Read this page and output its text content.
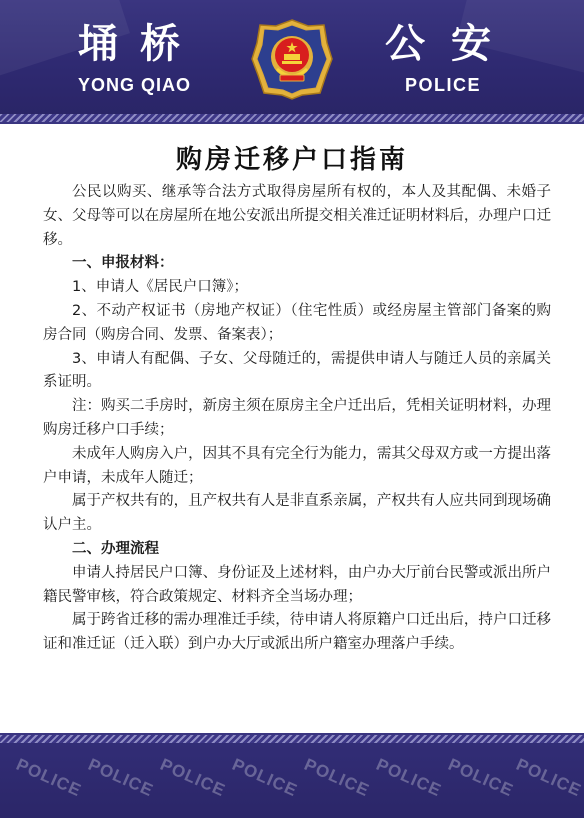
埇桥
YONG QIAO
公安
POLICE
购房迁移户口指南

公民以购买、继承等合法方式取得房屋所有权的，本人及其配偶、未婚子女、父母等可以在房屋所在地公安派出所提交相关准迁证明材料后，办理户口迁移。

一、申报材料：

1、申请人《居民户口簿》；

2、不动产权证书（房地产权证）（住宅性质）或经房屋主管部门备案的购房合同（购房合同、发票、备案表）；

3、申请人有配偶、子女、父母随迁的，需提供申请人与随迁人员的亲属关系证明。

注：购买二手房时，新房主须在原房主全户迁出后，凭相关证明材料，办理购房迁移户口手续；

未成年人购房入户，因其不具有完全行为能力，需其父母双方或一方提出落户申请，未成年人随迁；

属于产权共有的，且产权共有人是非直系亲属，产权共有人应共同到现场确认户主。

二、办理流程

申请人持居民户口簿、身份证及上述材料，由户办大厅前台民警或派出所户籍民警审核，符合政策规定、材料齐全当场办理；

属于跨省迁移的需办理准迁手续，待申请人将原籍户口迁出后，持户口迁移证和准迁证（迁入联）到户办大厅或派出所户籍室办理落户手续。

POLICE POLICE POLICE POLICE POLICE POLICE POLICE
POLICE
